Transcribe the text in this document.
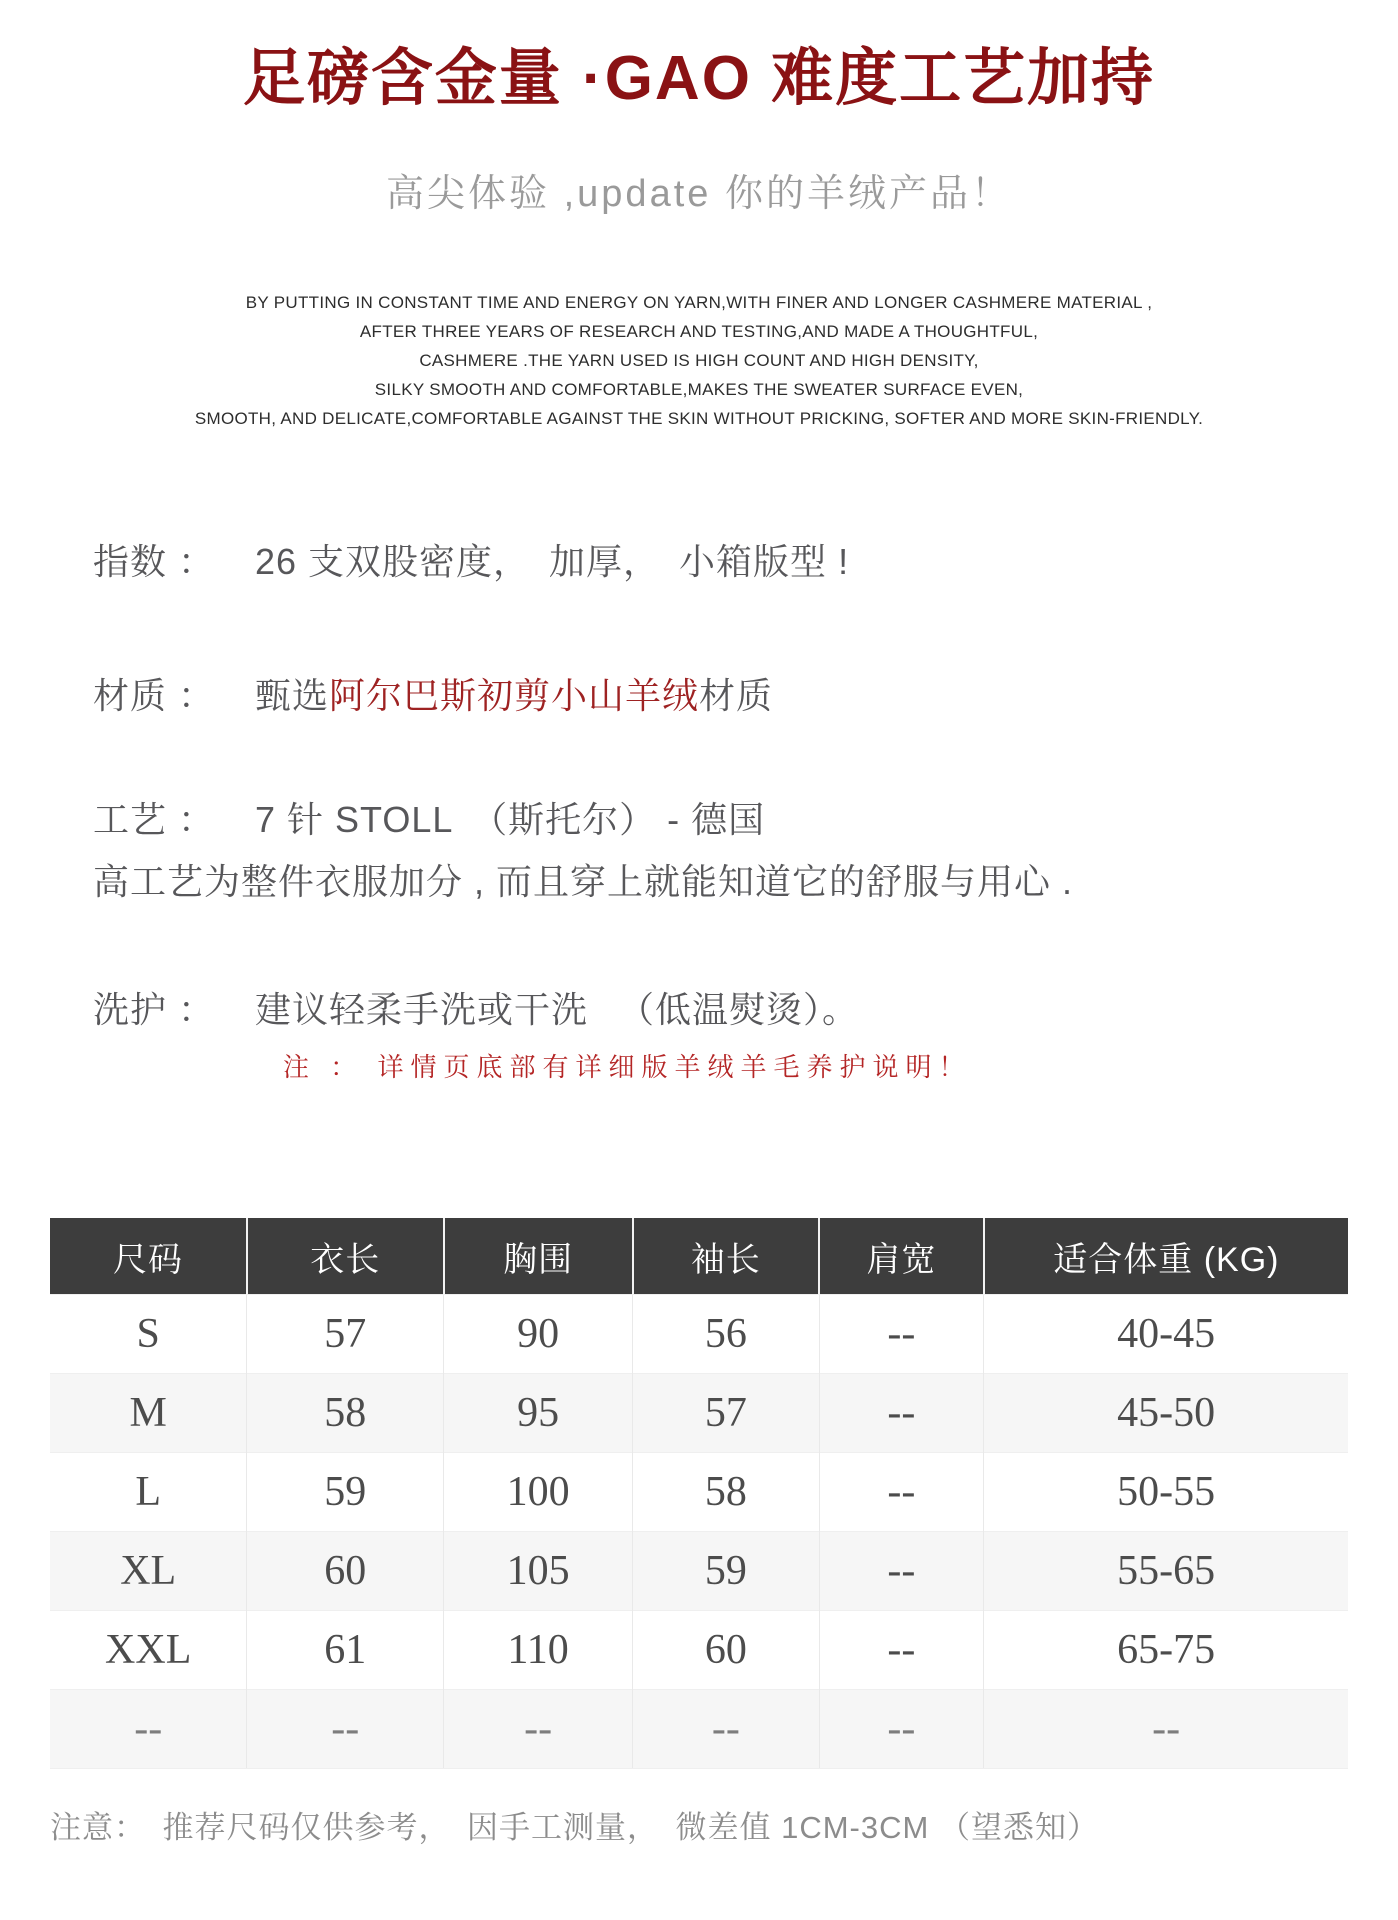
足磅含金量 ·GAO 难度工艺加持
高尖体验 ,update 你的羊绒产品！
BY PUTTING IN CONSTANT TIME AND ENERGY ON YARN,WITH FINER AND LONGER CASHMERE MATERIAL ,
AFTER THREE YEARS OF RESEARCH AND TESTING,AND MADE A THOUGHTFUL,
CASHMERE .THE YARN USED IS HIGH COUNT AND HIGH DENSITY,
SILKY SMOOTH AND COMFORTABLE,MAKES THE SWEATER SURFACE EVEN,
SMOOTH, AND DELICATE,COMFORTABLE AGAINST THE SKIN WITHOUT PRICKING, SOFTER AND MORE SKIN-FRIENDLY.
指数 ： 26 支双股密度，　加厚，　小箱版型 !
材质 ： 甄选阿尔巴斯初剪小山羊绒材质
工艺 ： 7 针 STOLL　（斯托尔） - 德国
高工艺为整件衣服加分 , 而且穿上就能知道它的舒服与用心 .
洗护 ： 建议轻柔手洗或干洗 　（低温熨烫）。
注 ： 详情页底部有详细版羊绒羊毛养护说明！
尺码	衣长	胸围	袖长	肩宽	适合体重 (KG)
S	57	90	56	--	40-45
M	58	95	57	--	45-50
L	59	100	58	--	50-55
XL	60	105	59	--	55-65
XXL	61	110	60	--	65-75
--	--	--	--	--	--
注意：　推荐尺码仅供参考，　因手工测量，　微差值 1CM-3CM （望悉知）
